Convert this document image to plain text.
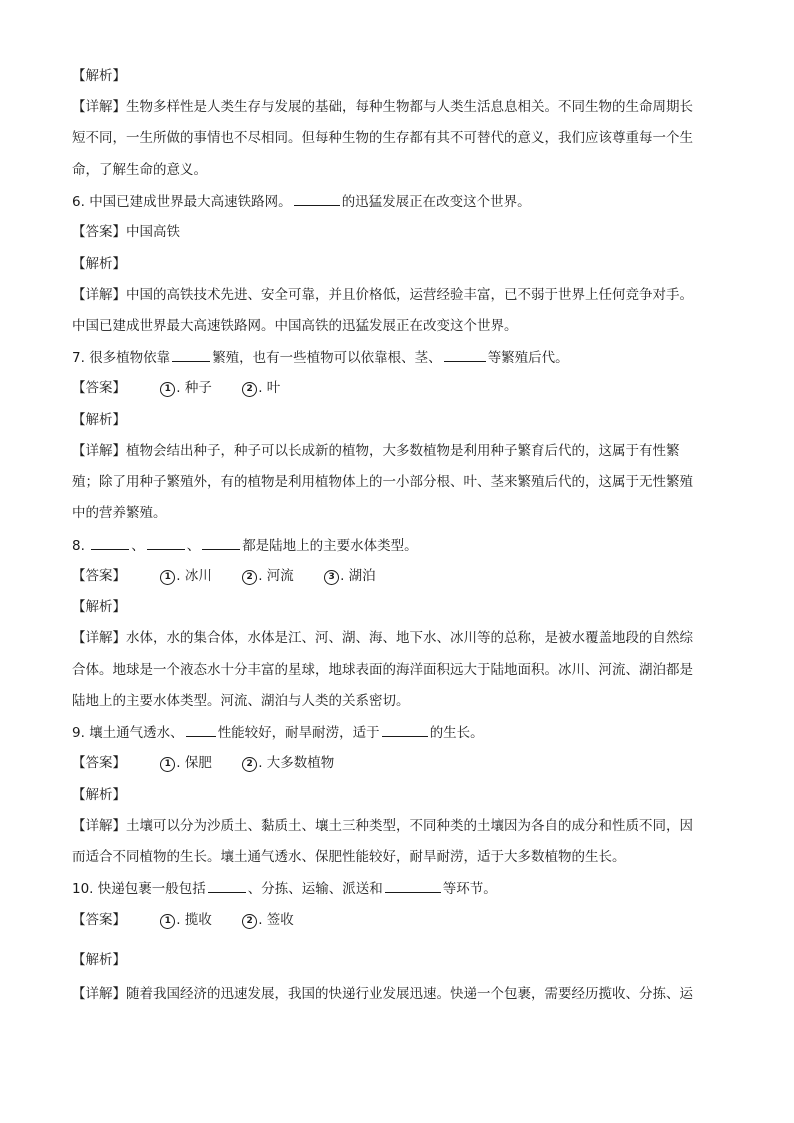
【解析】
【详解】生物多样性是人类生存与发展的基础，每种生物都与人类生活息息相关。不同生物的生命周期长
短不同，一生所做的事情也不尽相同。但每种生物的生存都有其不可替代的意义，我们应该尊重每一个生
命，了解生命的意义。
6. 中国已建成世界最大高速铁路网。	的迅猛发展正在改变这个世界。
【答案】中国高铁
【解析】
【详解】中国的高铁技术先进、安全可靠，并且价格低，运营经验丰富，已不弱于世界上任何竞争对手。
中国已建成世界最大高速铁路网。中国高铁的迅猛发展正在改变这个世界。
7. 很多植物依靠	繁殖，也有一些植物可以依靠根、茎、	等繁殖后代。
【答案】	1 . 种子	2 . 叶
【解析】
【详解】植物会结出种子，种子可以长成新的植物，大多数植物是利用种子繁育后代的，这属于有性繁
殖；除了用种子繁殖外，有的植物是利用植物体上的一小部分根、叶、茎来繁殖后代的，这属于无性繁殖
中的营养繁殖。
8.	、	、	都是陆地上的主要水体类型。
【答案】	1 . 冰川	2 . 河流	3 . 湖泊
【解析】
【详解】水体，水的集合体，水体是江、河、湖、海、地下水、冰川等的总称，是被水覆盖地段的自然综
合体。地球是一个液态水十分丰富的星球，地球表面的海洋面积远大于陆地面积。冰川、河流、湖泊都是
陆地上的主要水体类型。河流、湖泊与人类的关系密切。
9. 壤土通气透水、	性能较好，耐旱耐涝，适于	的生长。
【答案】	1 . 保肥	2 . 大多数植物
【解析】
【详解】土壤可以分为沙质土、黏质土、壤土三种类型，不同种类的土壤因为各自的成分和性质不同，因
而适合不同植物的生长。壤土通气透水、保肥性能较好，耐旱耐涝，适于大多数植物的生长。
10. 快递包裹一般包括	、分拣、运输、派送和	等环节。
【答案】	1 . 揽收	2 . 签收
【解析】
【详解】随着我国经济的迅速发展，我国的快递行业发展迅速。快递一个包裹，需要经历揽收、分拣、运
